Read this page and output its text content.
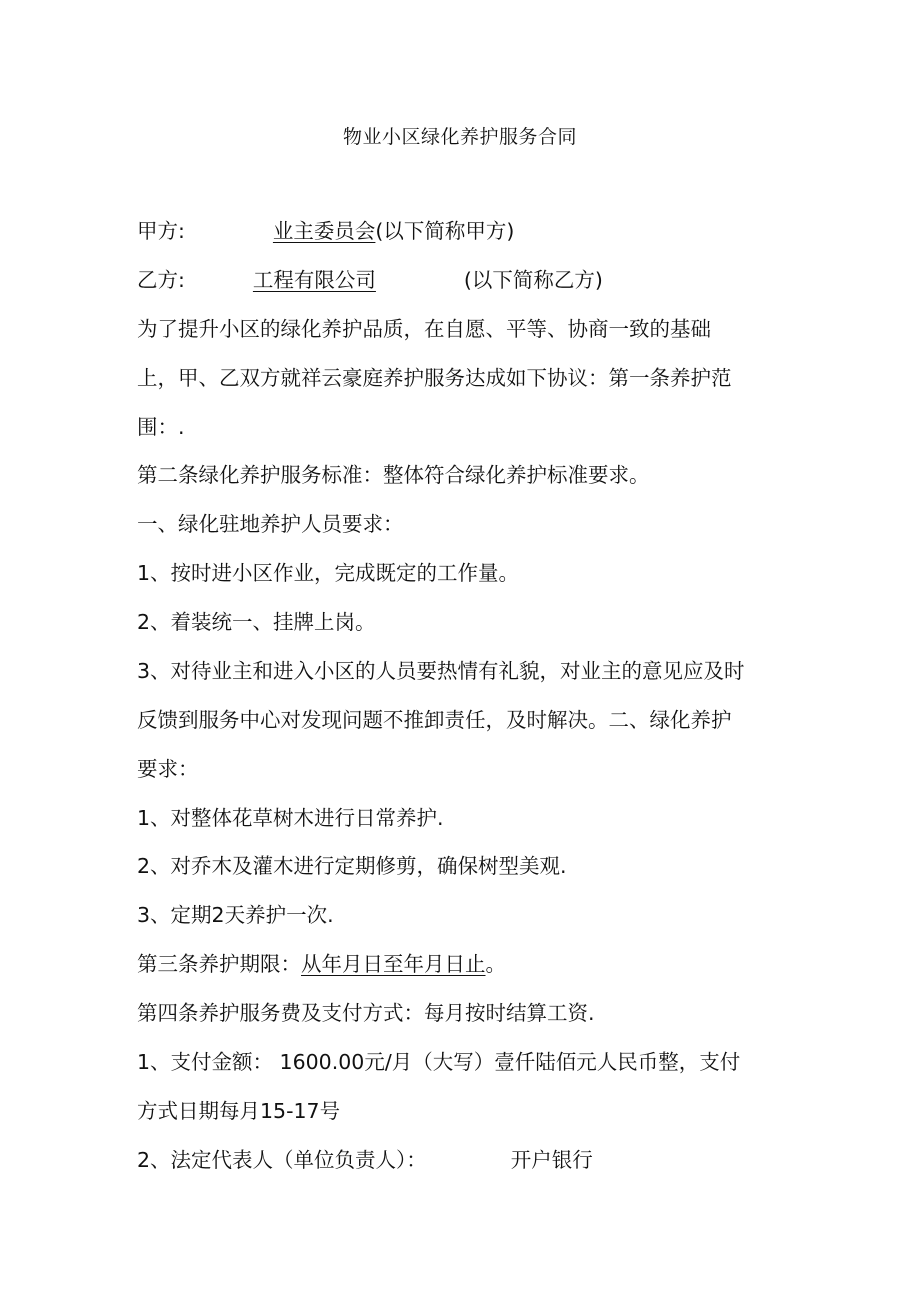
物业小区绿化养护服务合同
甲方:	业主委员会(以下简称甲方)
乙方:	工程有限公司	(以下简称乙方)
为了提升小区的绿化养护品质，在自愿、平等、协商一致的基础
上，甲、乙双方就祥云豪庭养护服务达成如下协议：第一条养护范
围：.
第二条绿化养护服务标准：整体符合绿化养护标准要求。
一、绿化驻地养护人员要求：
1、按时进小区作业，完成既定的工作量。
2、着装统一、挂牌上岗。
3、对待业主和进入小区的人员要热情有礼貌，对业主的意见应及时
反馈到服务中心对发现问题不推卸责任，及时解决。二、绿化养护
要求：
1、对整体花草树木进行日常养护.
2、对乔木及灌木进行定期修剪，确保树型美观.
3、定期2天养护一次.
第三条养护期限：从年月日至年月日止。
第四条养护服务费及支付方式：每月按时结算工资.
1、支付金额： 1600.00元/月（大写）壹仟陆佰元人民币整，支付
方式日期每月15-17号
2、法定代表人（单位负责人）：	开户银行
